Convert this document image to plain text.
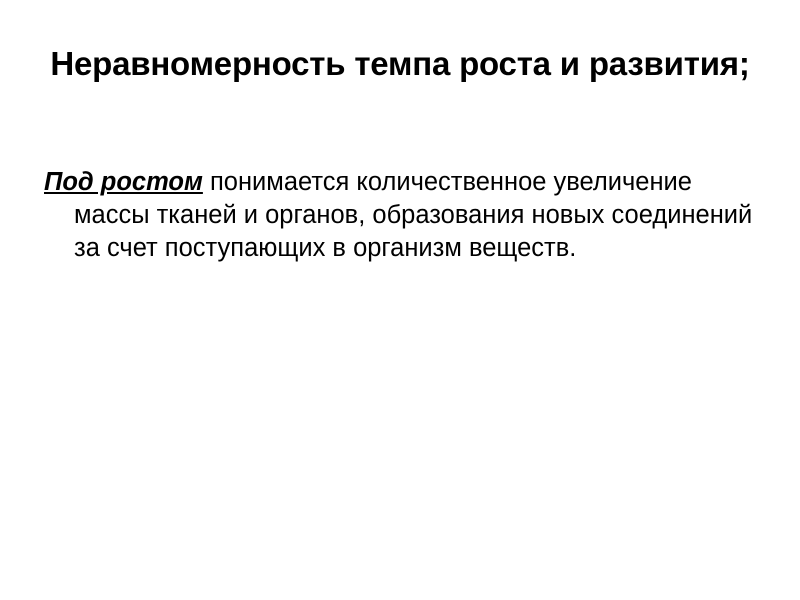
Неравномерность темпа роста и развития;

Под ростом понимается количественное увеличение массы тканей и органов, образования новых соединений за счет поступающих в организм веществ.
